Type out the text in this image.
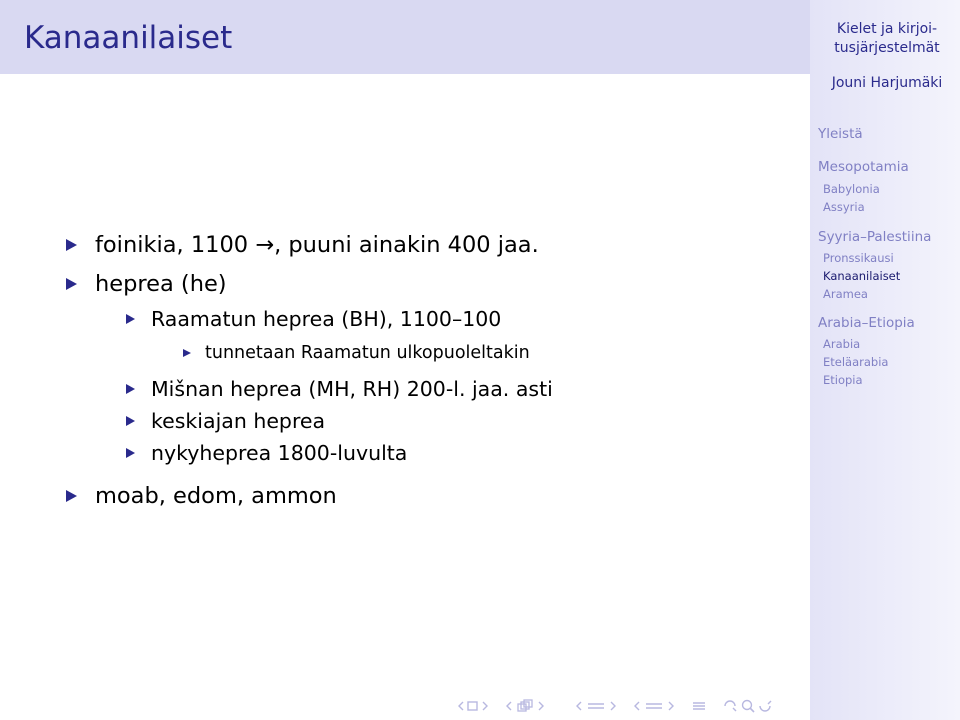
Kanaanilaiset	Kielet ja kirjoi-
tusjärjestelmät
Jouni Harjumäki
Yleistä
Mesopotamia
Babylonia
Assyria
Syyria–Palestiina
Pronssikausi
Kanaanilaiset
Aramea
Arabia–Etiopia
Arabia
Eteläarabia
Etiopia
foinikia, 1100 →, puuni ainakin 400 jaa.
heprea (he)
Raamatun heprea (BH), 1100–100
tunnetaan Raamatun ulkopuoleltakin
Mišnan heprea (MH, RH) 200-l. jaa. asti
keskiajan heprea
nykyheprea 1800-luvulta
moab, edom, ammon
